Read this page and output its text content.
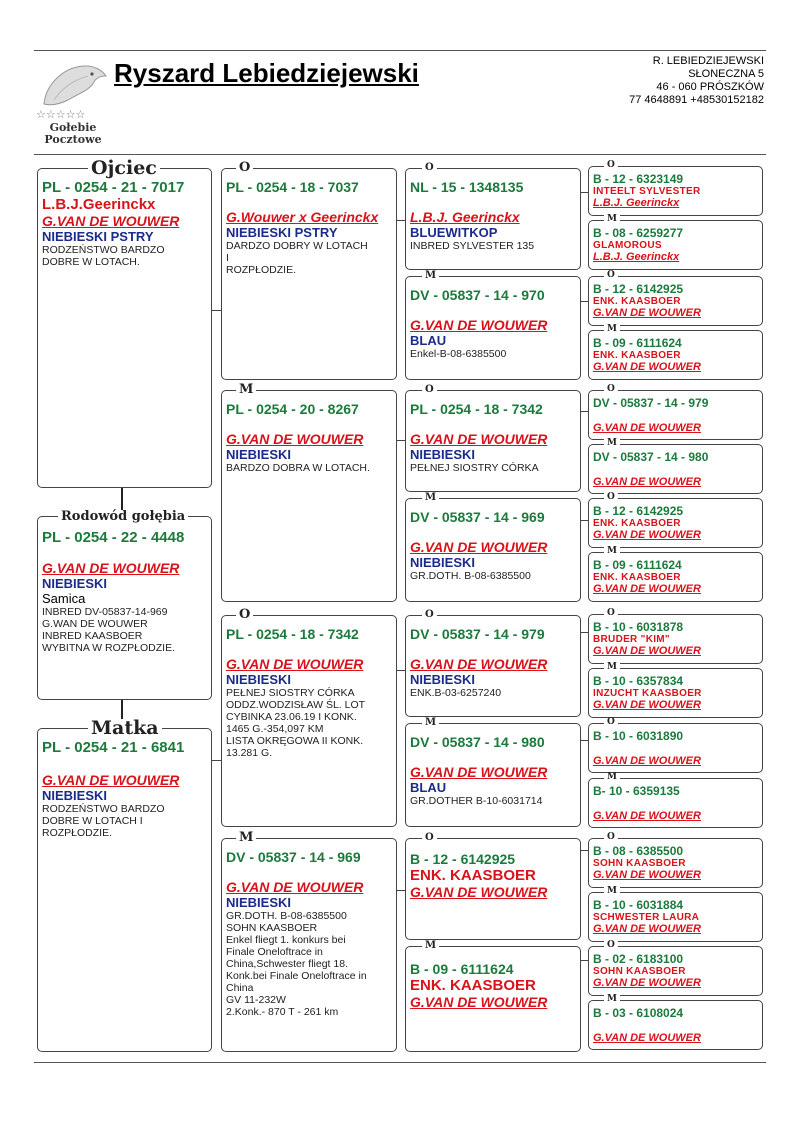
☆☆☆☆☆
Gołebie
Pocztowe
Ryszard Lebiedziejewski	R. LEBIEDZIEJEWSKI
SŁONECZNA 5
46 - 060 PRÓSZKÓW
77 4648891 +48530152182
PL - 0254 - 21 - 7017
L.B.J.Geerinckx
G.VAN DE WOUWER
NIEBIESKI PSTRY
RODZEŃSTWO BARDZO
DOBRE W LOTACH.
Ojciec
PL - 0254 - 22 - 4448
G.VAN DE WOUWER
NIEBIESKI
Samica
INBRED DV-05837-14-969
G.WAN DE WOUWER
INBRED KAASBOER
WYBITNA W ROZPŁODZIE.
Rodowód gołębia
PL - 0254 - 21 - 6841
G.VAN DE WOUWER
NIEBIESKI
RODZEŃSTWO BARDZO
DOBRE W LOTACH I
ROZPŁODZIE.
Matka
PL - 0254 - 18 - 7037
G.Wouwer x Geerinckx
NIEBIESKI PSTRY
DARDZO DOBRY W LOTACH
I
ROZPŁODZIE.
O
PL - 0254 - 20 - 8267
G.VAN DE WOUWER
NIEBIESKI
BARDZO DOBRA W LOTACH.
M
PL - 0254 - 18 - 7342
G.VAN DE WOUWER
NIEBIESKI
PEŁNEJ SIOSTRY CÓRKA
ODDZ.WODZISŁAW ŚL. LOT
CYBINKA 23.06.19 I KONK.
1465 G.-354,097 KM
LISTA OKRĘGOWA II KONK.
13.281 G.
O
DV - 05837 - 14 - 969
G.VAN DE WOUWER
NIEBIESKI
GR.DOTH. B-08-6385500
SOHN KAASBOER
Enkel fliegt 1. konkurs bei
Finale Oneloftrace in
China,Schwester fliegt 18.
Konk.bei Finale Oneloftrace in
China
GV 11-232W
2.Konk.- 870 T - 261 km
M
NL - 15 - 1348135
L.B.J. Geerinckx
BLUEWITKOP
INBRED SYLVESTER 135
O
DV - 05837 - 14 - 970
G.VAN DE WOUWER
BLAU
Enkel-B-08-6385500
M
PL - 0254 - 18 - 7342
G.VAN DE WOUWER
NIEBIESKI
PEŁNEJ SIOSTRY CÓRKA
O
DV - 05837 - 14 - 969
G.VAN DE WOUWER
NIEBIESKI
GR.DOTH. B-08-6385500
M
DV - 05837 - 14 - 979
G.VAN DE WOUWER
NIEBIESKI
ENK.B-03-6257240
O
DV - 05837 - 14 - 980
G.VAN DE WOUWER
BLAU
GR.DOTHER B-10-6031714
M
B - 12 - 6142925
ENK. KAASBOER
G.VAN DE WOUWER
O
B - 09 - 6111624
ENK. KAASBOER
G.VAN DE WOUWER
M
B - 12 - 6323149
INTEELT SYLVESTER
L.B.J. Geerinckx
O
B - 08 - 6259277
GLAMOROUS
L.B.J. Geerinckx
M
B - 12 - 6142925
ENK. KAASBOER
G.VAN DE WOUWER
O
B - 09 - 6111624
ENK. KAASBOER
G.VAN DE WOUWER
M
DV - 05837 - 14 - 979
G.VAN DE WOUWER
O
DV - 05837 - 14 - 980
G.VAN DE WOUWER
M
B - 12 - 6142925
ENK. KAASBOER
G.VAN DE WOUWER
O
B - 09 - 6111624
ENK. KAASBOER
G.VAN DE WOUWER
M
B - 10 - 6031878
BRUDER "KIM"
G.VAN DE WOUWER
O
B - 10 - 6357834
INZUCHT KAASBOER
G.VAN DE WOUWER
M
B - 10 - 6031890
G.VAN DE WOUWER
O
B- 10 - 6359135
G.VAN DE WOUWER
M
B - 08 - 6385500
SOHN KAASBOER
G.VAN DE WOUWER
O
B - 10 - 6031884
SCHWESTER LAURA
G.VAN DE WOUWER
M
B - 02 - 6183100
SOHN KAASBOER
G.VAN DE WOUWER
O
B - 03 - 6108024
G.VAN DE WOUWER
M
